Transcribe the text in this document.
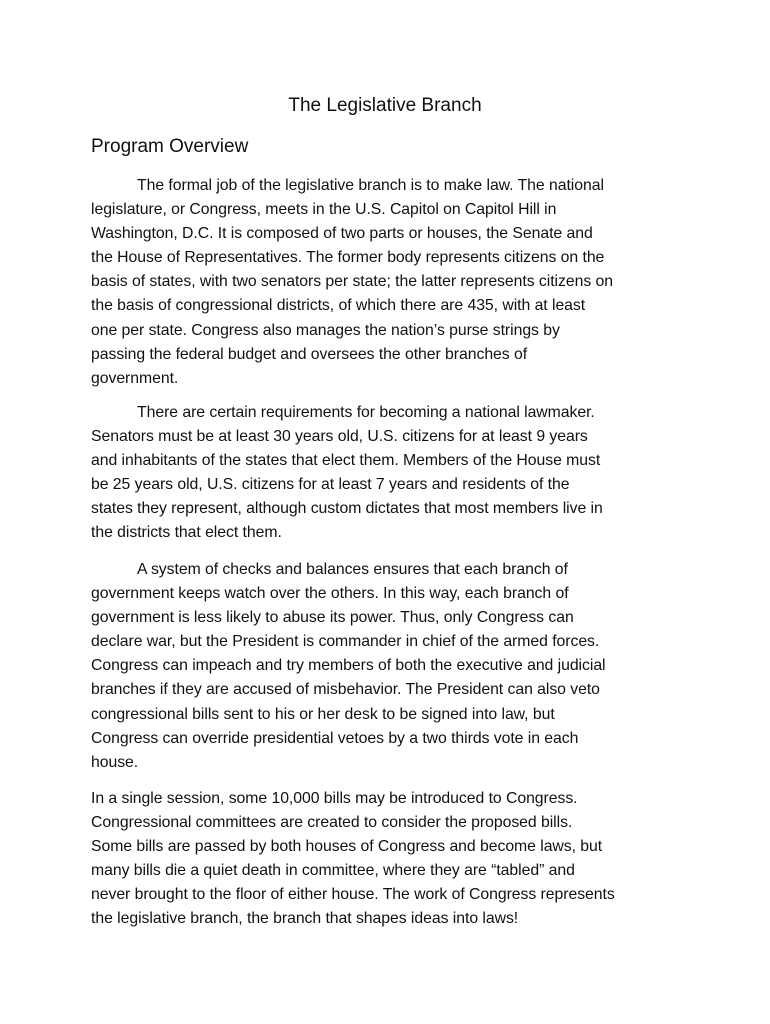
The Legislative Branch
Program Overview

The formal job of the legislative branch is to make law. The national
legislature, or Congress, meets in the U.S. Capitol on Capitol Hill in
Washington, D.C. It is composed of two parts or houses, the Senate and
the House of Representatives. The former body represents citizens on the
basis of states, with two senators per state; the latter represents citizens on
the basis of congressional districts, of which there are 435, with at least
one per state. Congress also manages the nation’s purse strings by
passing the federal budget and oversees the other branches of
government.

There are certain requirements for becoming a national lawmaker.
Senators must be at least 30 years old, U.S. citizens for at least 9 years
and inhabitants of the states that elect them. Members of the House must
be 25 years old, U.S. citizens for at least 7 years and residents of the
states they represent, although custom dictates that most members live in
the districts that elect them.

A system of checks and balances ensures that each branch of
government keeps watch over the others. In this way, each branch of
government is less likely to abuse its power. Thus, only Congress can
declare war, but the President is commander in chief of the armed forces.
Congress can impeach and try members of both the executive and judicial
branches if they are accused of misbehavior. The President can also veto
congressional bills sent to his or her desk to be signed into law, but
Congress can override presidential vetoes by a two thirds vote in each
house.

In a single session, some 10,000 bills may be introduced to Congress.
Congressional committees are created to consider the proposed bills.
Some bills are passed by both houses of Congress and become laws, but
many bills die a quiet death in committee, where they are “tabled” and
never brought to the floor of either house. The work of Congress represents
the legislative branch, the branch that shapes ideas into laws!
